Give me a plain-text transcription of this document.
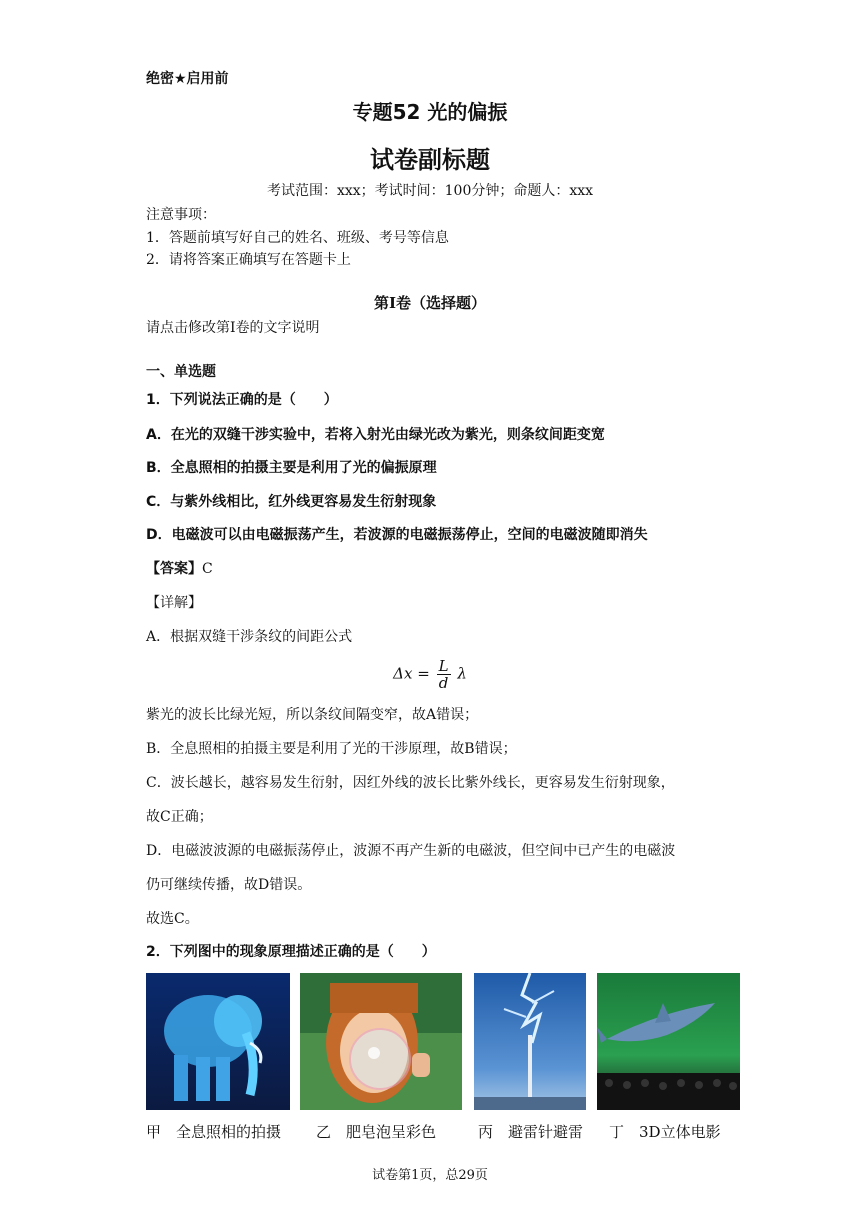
绝密★启用前
专题52 光的偏振
试卷副标题
考试范围：xxx；考试时间：100分钟；命题人：xxx
注意事项：
1．答题前填写好自己的姓名、班级、考号等信息
2．请将答案正确填写在答题卡上
第I卷（选择题）
请点击修改第I卷的文字说明
一、单选题
1．下列说法正确的是（　　）
A．在光的双缝干涉实验中，若将入射光由绿光改为紫光，则条纹间距变宽
B．全息照相的拍摄主要是利用了光的偏振原理
C．与紫外线相比，红外线更容易发生衍射现象
D．电磁波可以由电磁振荡产生，若波源的电磁振荡停止，空间的电磁波随即消失
【答案】C
【详解】
A．根据双缝干涉条纹的间距公式
$\Delta x = \frac{L}{d}$ λ
紫光的波长比绿光短，所以条纹间隔变窄，故A错误；
B．全息照相的拍摄主要是利用了光的干涉原理，故B错误；
C．波长越长，越容易发生衍射，因红外线的波长比紫外线长，更容易发生衍射现象，
故C正确；
D．电磁波波源的电磁振荡停止，波源不再产生新的电磁波，但空间中已产生的电磁波
仍可继续传播，故D错误。
故选C。
2．下列图中的现象原理描述正确的是（　　）
甲　全息照相的拍摄 乙　肥皂泡呈彩色	丙　避雷针避雷 丁　3D立体电影
试卷第1页，总29页
